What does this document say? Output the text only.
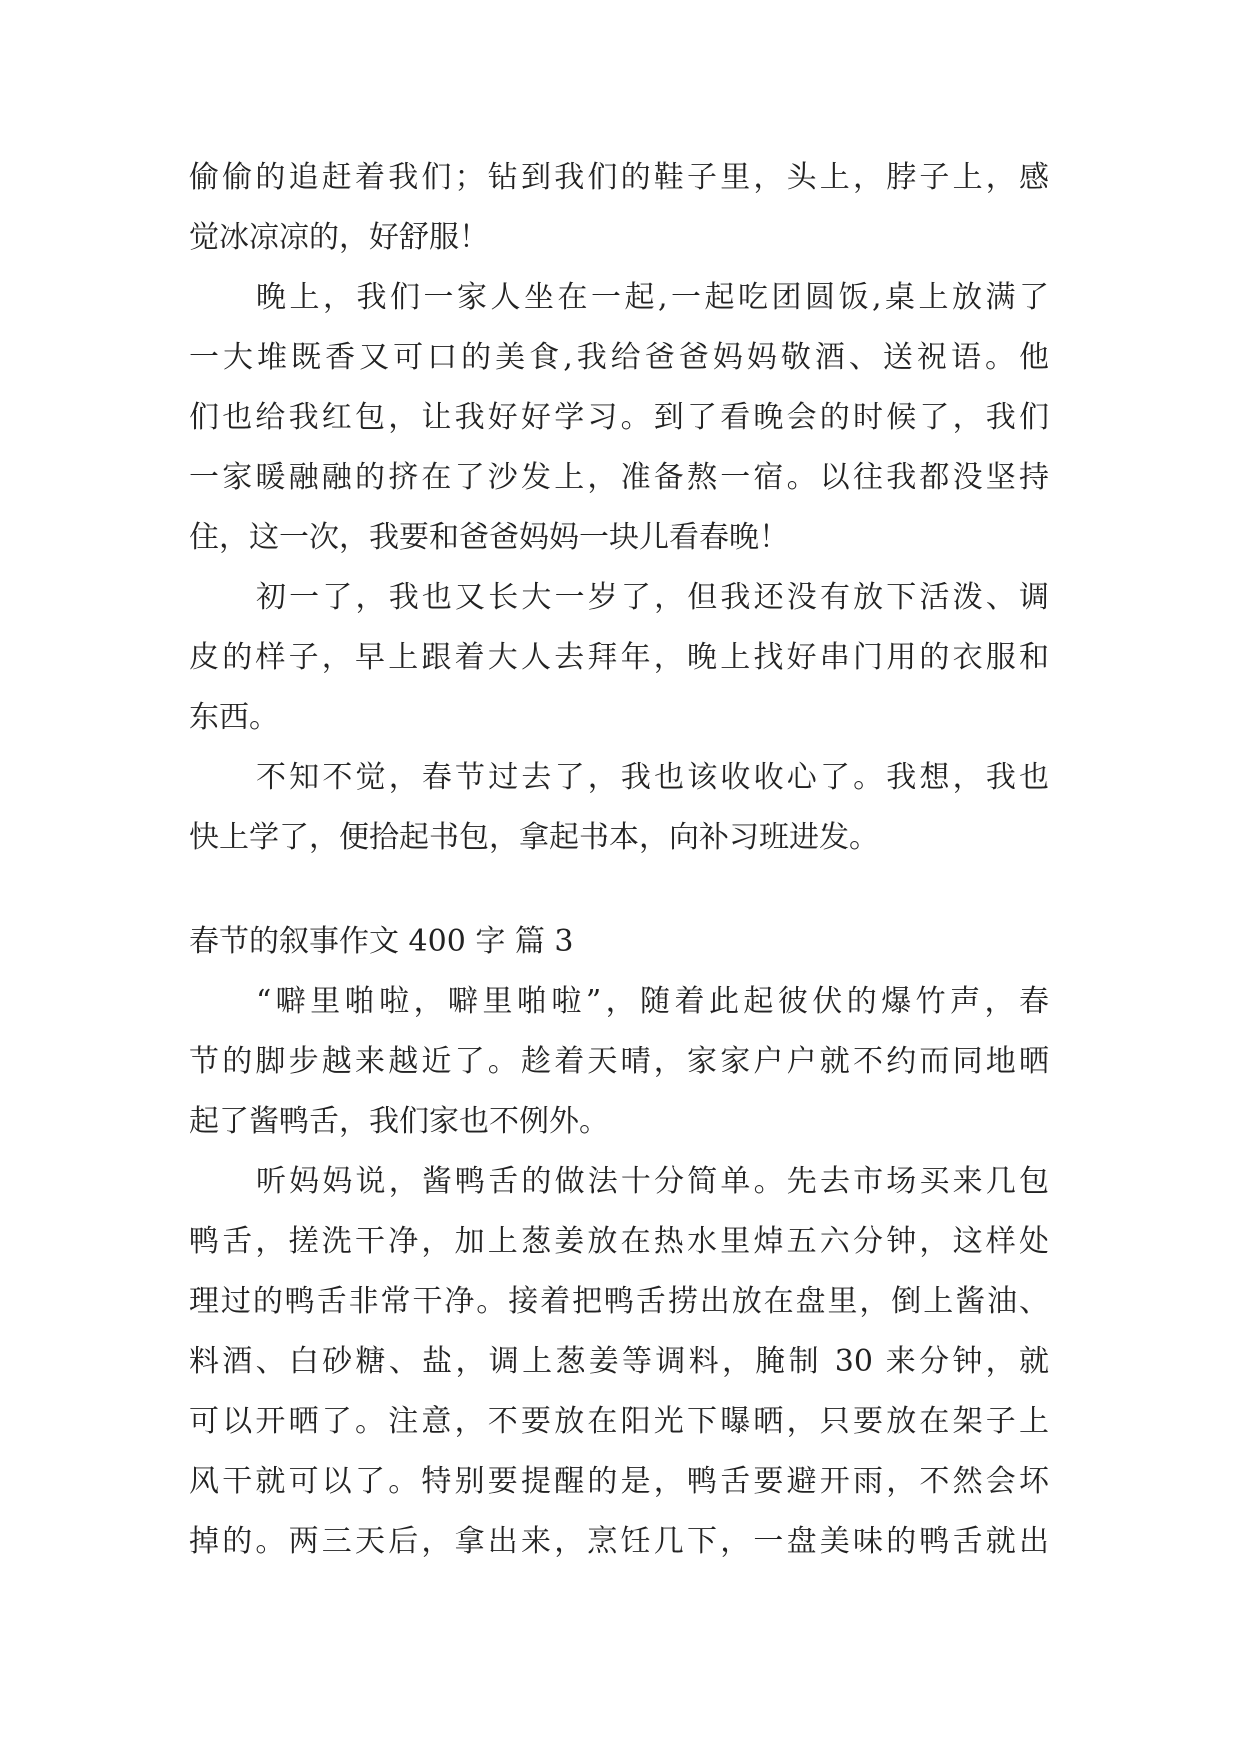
偷偷的追赶着我们；钻到我们的鞋子里，头上，脖子上，感
觉冰凉凉的，好舒服！
晚上，我们一家人坐在一起,一起吃团圆饭,桌上放满了
一大堆既香又可口的美食,我给爸爸妈妈敬酒、送祝语。他
们也给我红包，让我好好学习。到了看晚会的时候了，我们
一家暖融融的挤在了沙发上，准备熬一宿。以往我都没坚持
住，这一次，我要和爸爸妈妈一块儿看春晚！
初一了，我也又长大一岁了，但我还没有放下活泼、调
皮的样子，早上跟着大人去拜年，晚上找好串门用的衣服和
东西。
不知不觉，春节过去了，我也该收收心了。我想，我也
快上学了，便拾起书包，拿起书本，向补习班进发。
春节的叙事作文 400 字 篇 3
“噼里啪啦，噼里啪啦”，随着此起彼伏的爆竹声，春
节的脚步越来越近了。趁着天晴，家家户户就不约而同地晒
起了酱鸭舌，我们家也不例外。
听妈妈说，酱鸭舌的做法十分简单。先去市场买来几包
鸭舌，搓洗干净，加上葱姜放在热水里焯五六分钟，这样处
理过的鸭舌非常干净。接着把鸭舌捞出放在盘里，倒上酱油、
料酒、白砂糖、盐，调上葱姜等调料，腌制 30 来分钟，就
可以开晒了。注意，不要放在阳光下曝晒，只要放在架子上
风干就可以了。特别要提醒的是，鸭舌要避开雨，不然会坏
掉的。两三天后，拿出来，烹饪几下，一盘美味的鸭舌就出
